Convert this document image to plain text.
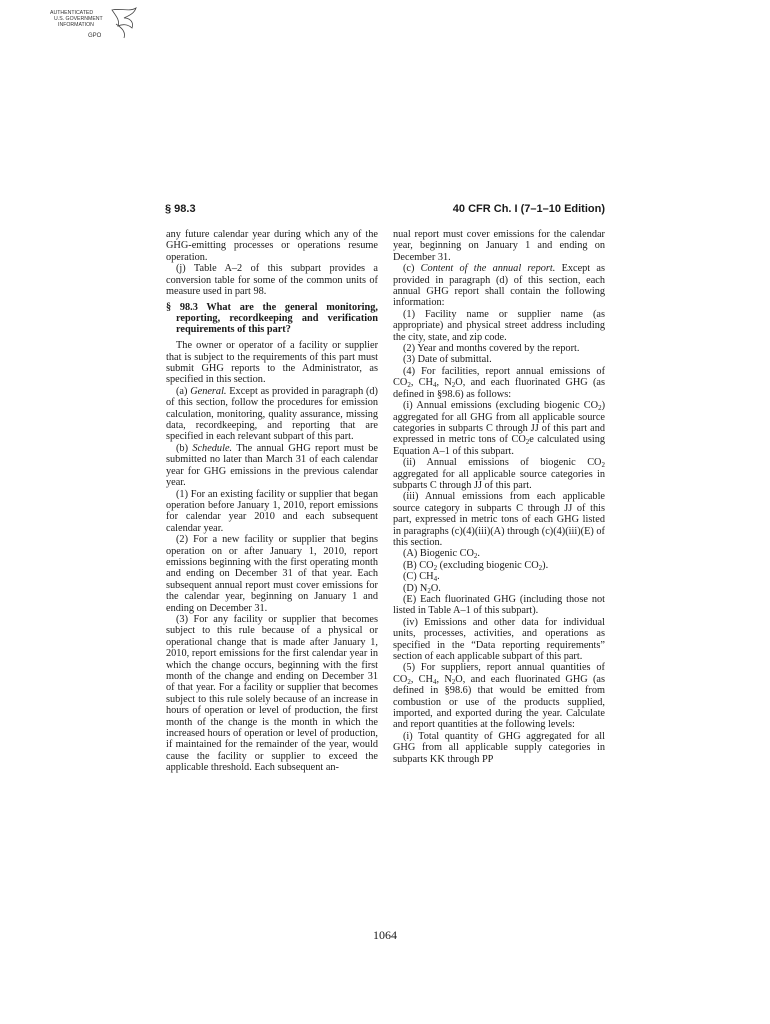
AUTHENTICATED
U.S. GOVERNMENT
INFORMATION
GPO
§ 98.3	40 CFR Ch. I (7–1–10 Edition)

any future calendar year during which any of the GHG-emitting processes or operations resume operation.

(j) Table A–2 of this subpart provides a conversion table for some of the common units of measure used in part 98.

§ 98.3 What are the general monitoring, reporting, recordkeeping and verification requirements of this part?

The owner or operator of a facility or supplier that is subject to the requirements of this part must submit GHG reports to the Administrator, as specified in this section.

(a) General. Except as provided in paragraph (d) of this section, follow the procedures for emission calculation, monitoring, quality assurance, missing data, recordkeeping, and reporting that are specified in each relevant subpart of this part.

(b) Schedule. The annual GHG report must be submitted no later than March 31 of each calendar year for GHG emissions in the previous calendar year.

(1) For an existing facility or supplier that began operation before January 1, 2010, report emissions for calendar year 2010 and each subsequent calendar year.

(2) For a new facility or supplier that begins operation on or after January 1, 2010, report emissions beginning with the first operating month and ending on December 31 of that year. Each subsequent annual report must cover emissions for the calendar year, beginning on January 1 and ending on December 31.

(3) For any facility or supplier that becomes subject to this rule because of a physical or operational change that is made after January 1, 2010, report emissions for the first calendar year in which the change occurs, beginning with the first month of the change and ending on December 31 of that year. For a facility or supplier that becomes subject to this rule solely because of an increase in hours of operation or level of production, the first month of the change is the month in which the increased hours of operation or level of production, if maintained for the remainder of the year, would cause the facility or supplier to exceed the applicable threshold. Each subsequent an-

nual report must cover emissions for the calendar year, beginning on January 1 and ending on December 31.

(c) Content of the annual report. Except as provided in paragraph (d) of this section, each annual GHG report shall contain the following information:

(1) Facility name or supplier name (as appropriate) and physical street address including the city, state, and zip code.

(2) Year and months covered by the report.

(3) Date of submittal.

(4) For facilities, report annual emissions of $CO_2$, $CH_4$, $N_2O$, and each fluorinated GHG (as defined in §98.6) as follows:

(i) Annual emissions (excluding biogenic $CO_2$) aggregated for all GHG from all applicable source categories in subparts C through JJ of this part and expressed in metric tons of $CO_2e$ calculated using Equation A–1 of this subpart.

(ii) Annual emissions of biogenic $CO_2$ aggregated for all applicable source categories in subparts C through JJ of this part.

(iii) Annual emissions from each applicable source category in subparts C through JJ of this part, expressed in metric tons of each GHG listed in paragraphs (c)(4)(iii)(A) through (c)(4)(iii)(E) of this section.

(A) Biogenic $CO_2$.

(B) $CO_2$ (excluding biogenic $CO_2$).

(C) $CH_4$.

(D) $N_2O$.

(E) Each fluorinated GHG (including those not listed in Table A–1 of this subpart).

(iv) Emissions and other data for individual units, processes, activities, and operations as specified in the “Data reporting requirements” section of each applicable subpart of this part.

(5) For suppliers, report annual quantities of $CO_2$, $CH_4$, $N_2O$, and each fluorinated GHG (as defined in §98.6) that would be emitted from combustion or use of the products supplied, imported, and exported during the year. Calculate and report quantities at the following levels:

(i) Total quantity of GHG aggregated for all GHG from all applicable supply categories in subparts KK through PP

1064
